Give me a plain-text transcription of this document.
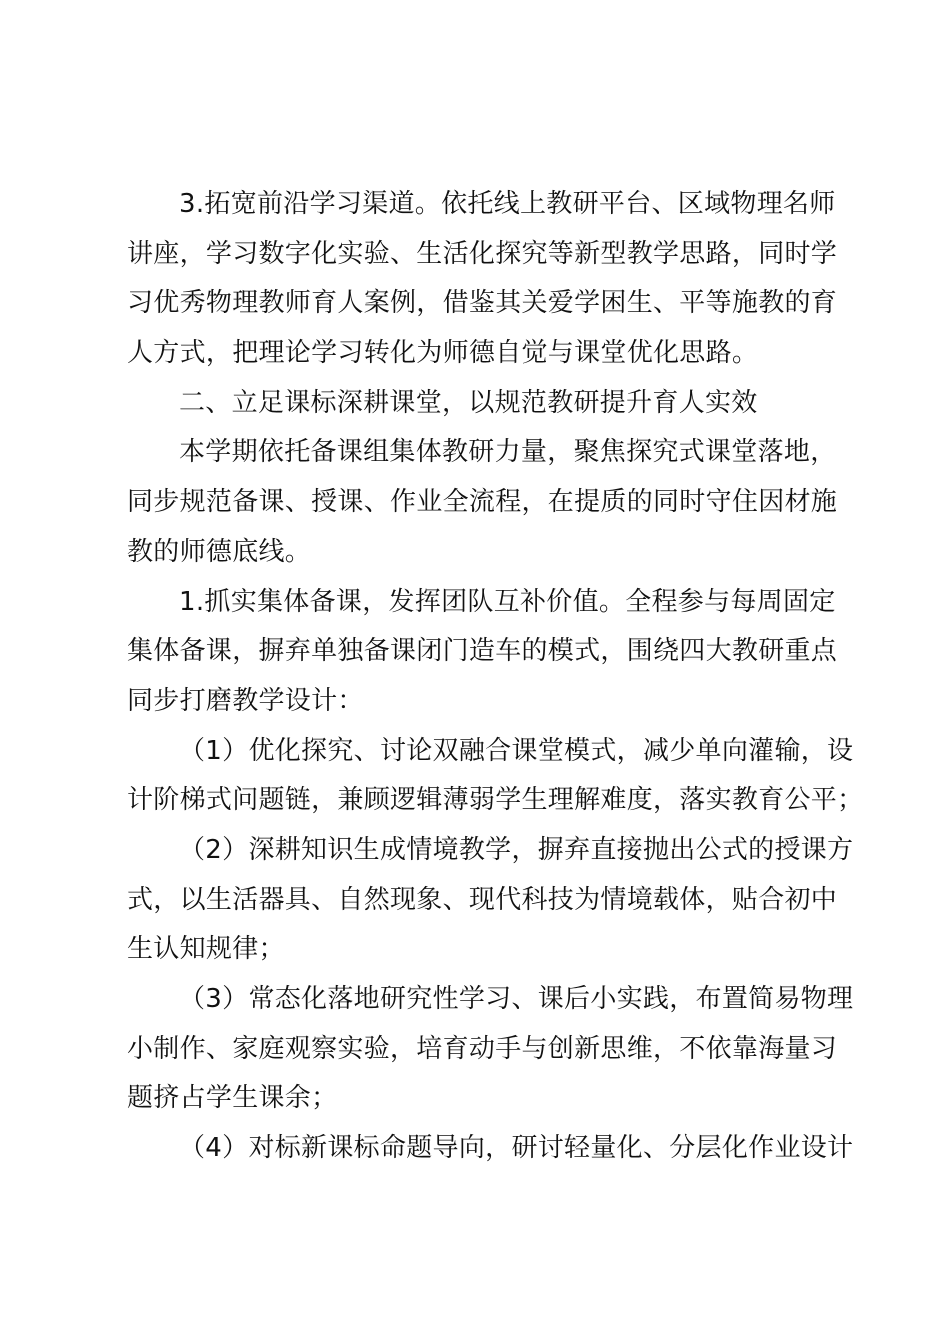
3.拓宽前沿学习渠道。依托线上教研平台、区域物理名师
讲座，学习数字化实验、生活化探究等新型教学思路，同时学
习优秀物理教师育人案例，借鉴其关爱学困生、平等施教的育
人方式，把理论学习转化为师德自觉与课堂优化思路。
二、立足课标深耕课堂，以规范教研提升育人实效
本学期依托备课组集体教研力量，聚焦探究式课堂落地，
同步规范备课、授课、作业全流程，在提质的同时守住因材施
教的师德底线。
1.抓实集体备课，发挥团队互补价值。全程参与每周固定
集体备课，摒弃单独备课闭门造车的模式，围绕四大教研重点
同步打磨教学设计：
（1）优化探究、讨论双融合课堂模式，减少单向灌输，设
计阶梯式问题链，兼顾逻辑薄弱学生理解难度，落实教育公平；
（2）深耕知识生成情境教学，摒弃直接抛出公式的授课方
式，以生活器具、自然现象、现代科技为情境载体，贴合初中
生认知规律；
（3）常态化落地研究性学习、课后小实践，布置简易物理
小制作、家庭观察实验，培育动手与创新思维，不依靠海量习
题挤占学生课余；
（4）对标新课标命题导向，研讨轻量化、分层化作业设计
